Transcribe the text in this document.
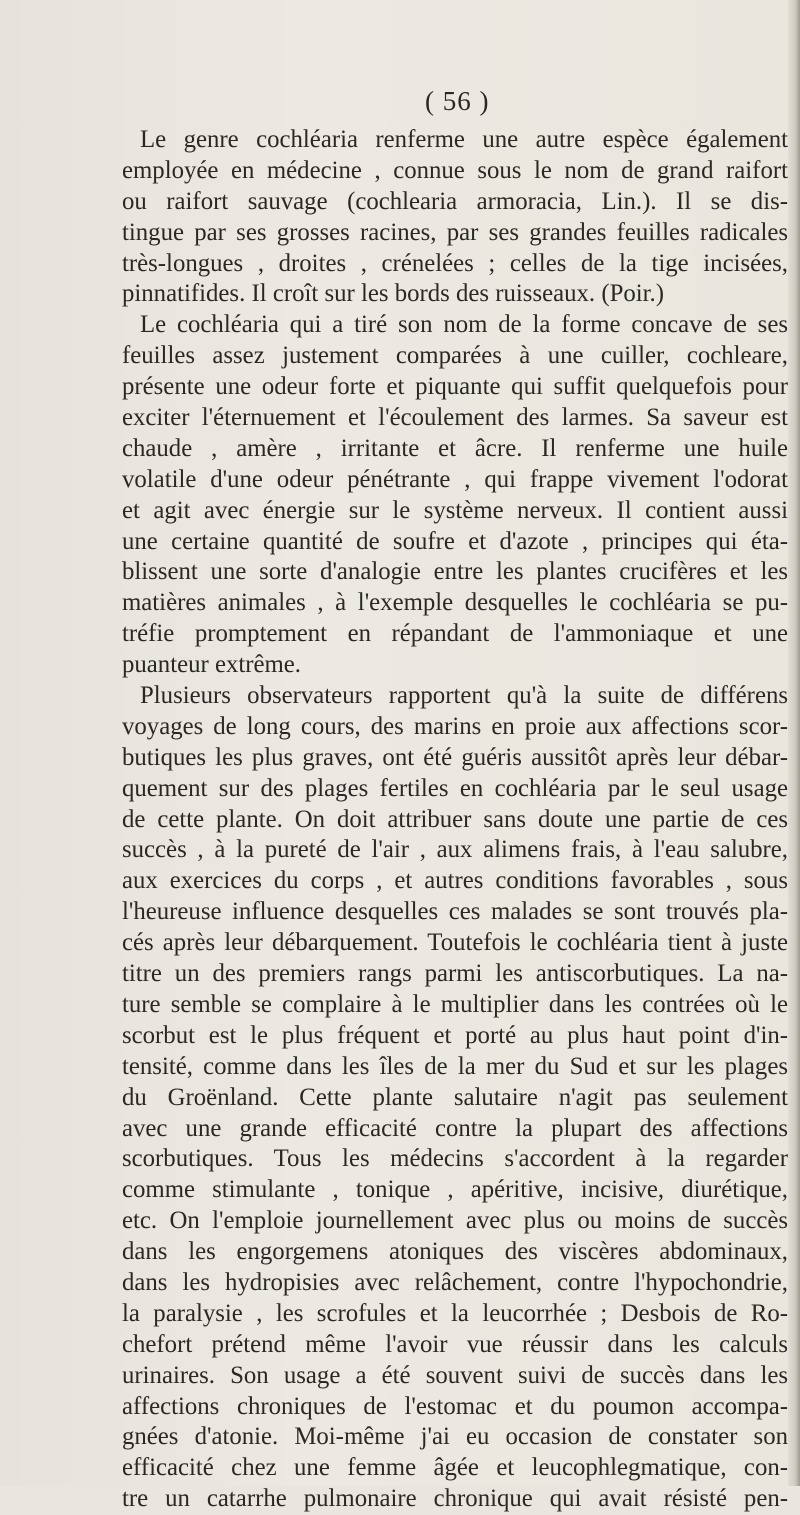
( 56 )
Le genre cochléaria renferme une autre espèce également
employée en médecine , connue sous le nom de grand raifort
ou raifort sauvage (cochlearia armoracia, Lin.). Il se dis-
tingue par ses grosses racines, par ses grandes feuilles radicales
très-longues , droites , crénelées ; celles de la tige incisées,
pinnatifides. Il croît sur les bords des ruisseaux. (Poir.)
Le cochléaria qui a tiré son nom de la forme concave de ses
feuilles assez justement comparées à une cuiller, cochleare,
présente une odeur forte et piquante qui suffit quelquefois pour
exciter l'éternuement et l'écoulement des larmes. Sa saveur est
chaude , amère , irritante et âcre. Il renferme une huile
volatile d'une odeur pénétrante , qui frappe vivement l'odorat
et agit avec énergie sur le système nerveux. Il contient aussi
une certaine quantité de soufre et d'azote , principes qui éta-
blissent une sorte d'analogie entre les plantes crucifères et les
matières animales , à l'exemple desquelles le cochléaria se pu-
tréfie promptement en répandant de l'ammoniaque et une
puanteur extrême.
Plusieurs observateurs rapportent qu'à la suite de différens
voyages de long cours, des marins en proie aux affections scor-
butiques les plus graves, ont été guéris aussitôt après leur débar-
quement sur des plages fertiles en cochléaria par le seul usage
de cette plante. On doit attribuer sans doute une partie de ces
succès , à la pureté de l'air , aux alimens frais, à l'eau salubre,
aux exercices du corps , et autres conditions favorables , sous
l'heureuse influence desquelles ces malades se sont trouvés pla-
cés après leur débarquement. Toutefois le cochléaria tient à juste
titre un des premiers rangs parmi les antiscorbutiques. La na-
ture semble se complaire à le multiplier dans les contrées où le
scorbut est le plus fréquent et porté au plus haut point d'in-
tensité, comme dans les îles de la mer du Sud et sur les plages
du Groënland. Cette plante salutaire n'agit pas seulement
avec une grande efficacité contre la plupart des affections
scorbutiques. Tous les médecins s'accordent à la regarder
comme stimulante , tonique , apéritive, incisive, diurétique,
etc. On l'emploie journellement avec plus ou moins de succès
dans les engorgemens atoniques des viscères abdominaux,
dans les hydropisies avec relâchement, contre l'hypochondrie,
la paralysie , les scrofules et la leucorrhée ; Desbois de Ro-
chefort prétend même l'avoir vue réussir dans les calculs
urinaires. Son usage a été souvent suivi de succès dans les
affections chroniques de l'estomac et du poumon accompa-
gnées d'atonie. Moi-même j'ai eu occasion de constater son
efficacité chez une femme âgée et leucophlegmatique, con-
tre un catarrhe pulmonaire chronique qui avait résisté pen-
